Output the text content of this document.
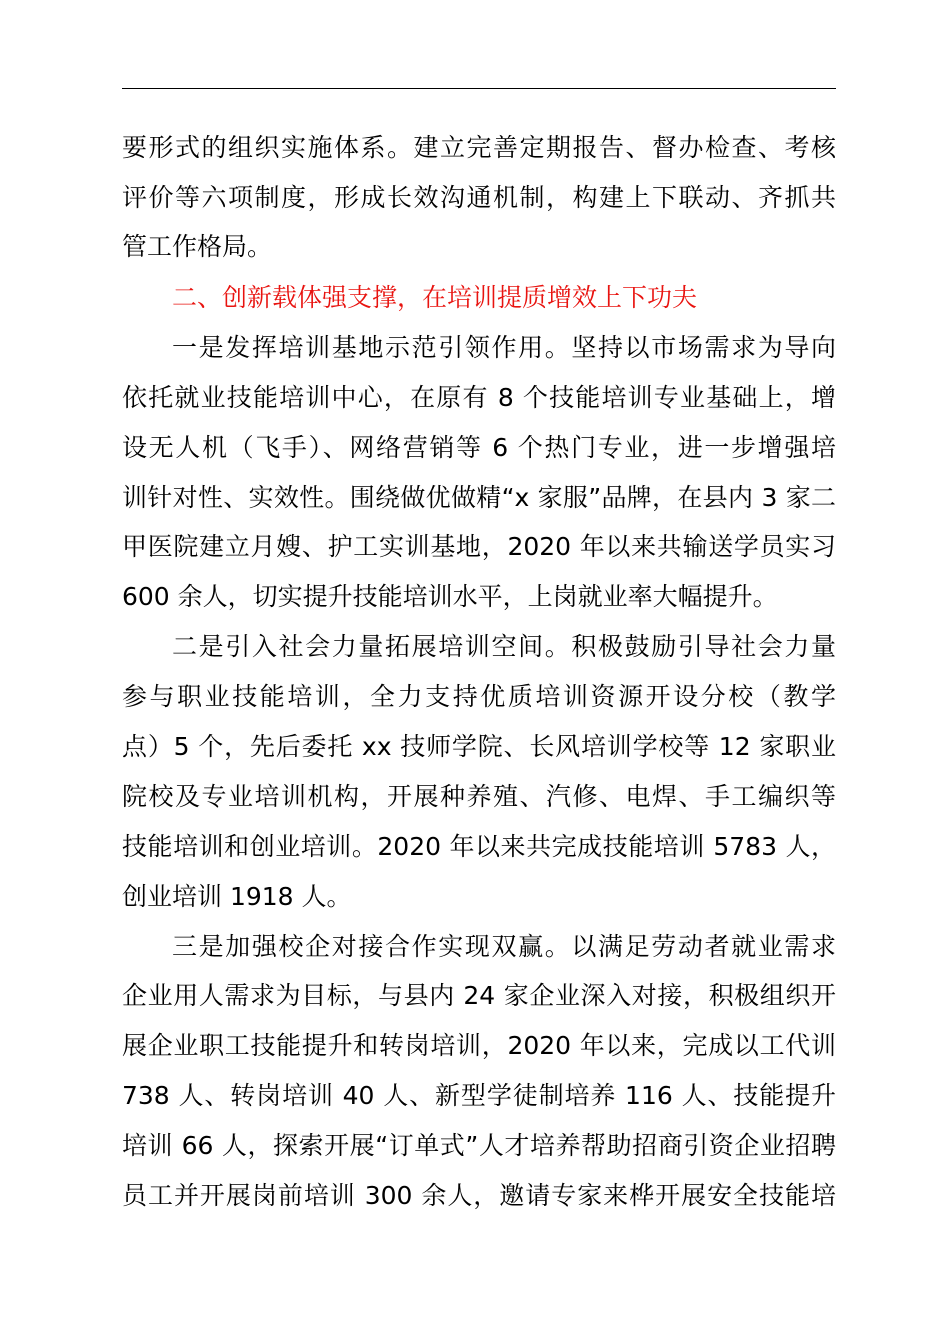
要形式的组织实施体系。建立完善定期报告、督办检查、考核
评价等六项制度，形成长效沟通机制，构建上下联动、齐抓共
管工作格局。
二、创新载体强支撑，在培训提质增效上下功夫
一是发挥培训基地示范引领作用。坚持以市场需求为导向
依托就业技能培训中心，在原有 8 个技能培训专业基础上，增
设无人机（飞手）、网络营销等 6 个热门专业，进一步增强培
训针对性、实效性。围绕做优做精“x 家服”品牌，在县内 3 家二
甲医院建立月嫂、护工实训基地，2020 年以来共输送学员实习
600 余人，切实提升技能培训水平，上岗就业率大幅提升。
二是引入社会力量拓展培训空间。积极鼓励引导社会力量
参与职业技能培训，全力支持优质培训资源开设分校（教学
点）5 个，先后委托 xx 技师学院、长风培训学校等 12 家职业
院校及专业培训机构，开展种养殖、汽修、电焊、手工编织等
技能培训和创业培训。2020 年以来共完成技能培训 5783 人，
创业培训 1918 人。
三是加强校企对接合作实现双赢。以满足劳动者就业需求
企业用人需求为目标，与县内 24 家企业深入对接，积极组织开
展企业职工技能提升和转岗培训，2020 年以来，完成以工代训
738 人、转岗培训 40 人、新型学徒制培养 116 人、技能提升
培训 66 人，探索开展“订单式”人才培养帮助招商引资企业招聘
员工并开展岗前培训 300 余人，邀请专家来桦开展安全技能培
